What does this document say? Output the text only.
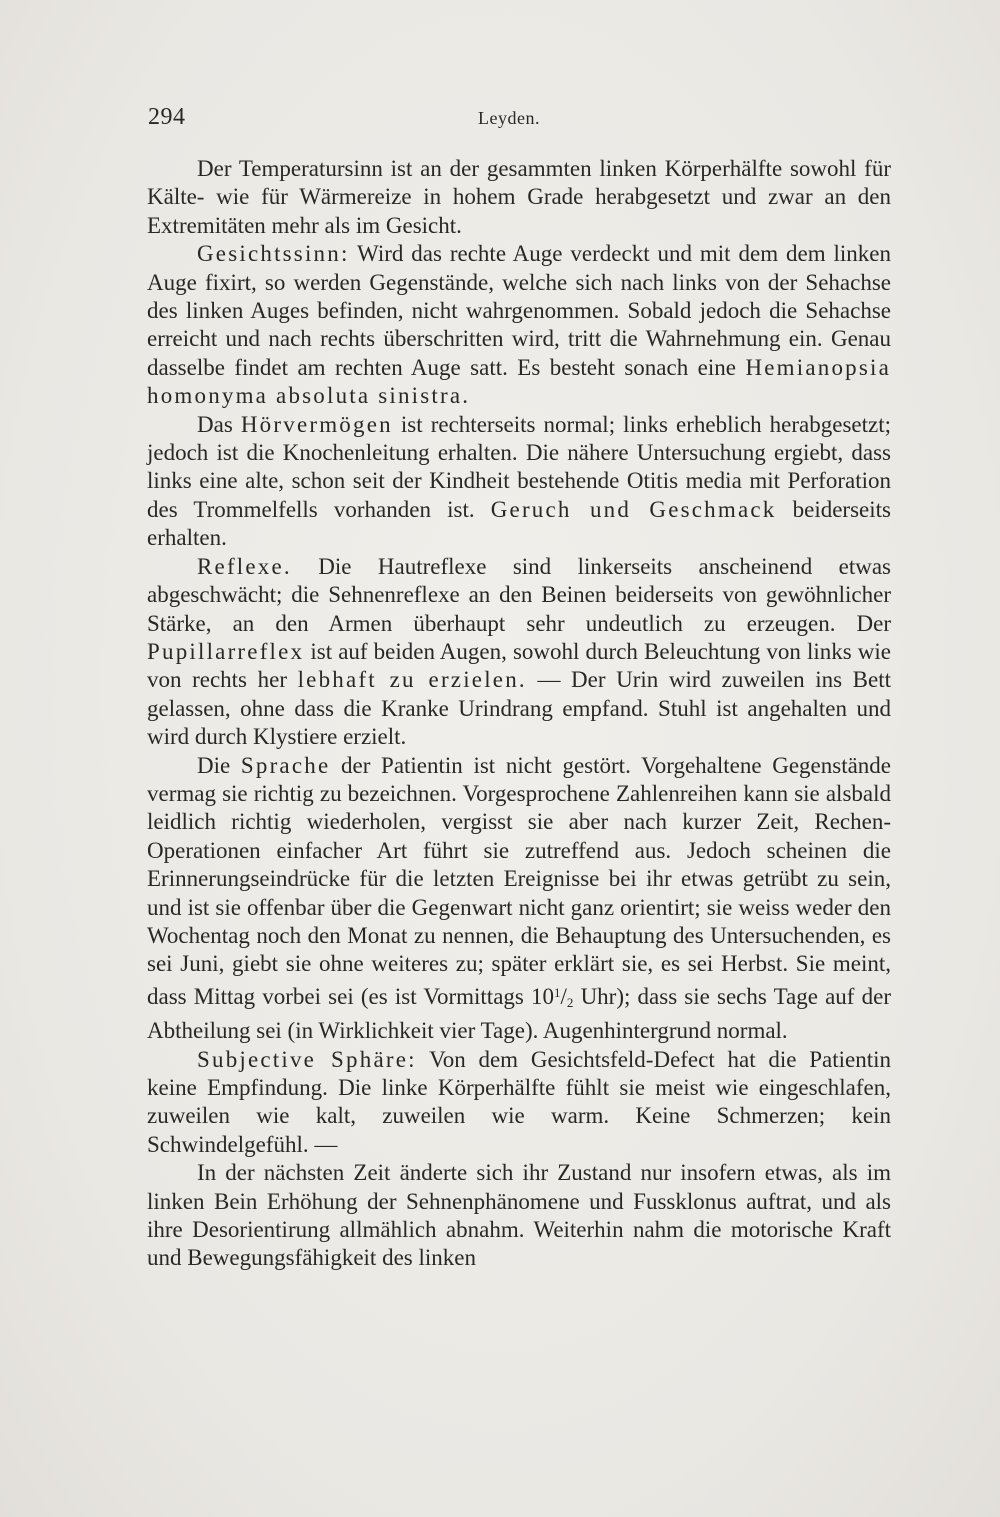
294	Leyden.

Der Temperatursinn ist an der gesammten linken Körperhälfte sowohl für Kälte- wie für Wärmereize in hohem Grade herabgesetzt und zwar an den Extremitäten mehr als im Gesicht.

Gesichtssinn: Wird das rechte Auge verdeckt und mit dem dem linken Auge fixirt, so werden Gegenstände, welche sich nach links von der Sehachse des linken Auges befinden, nicht wahrgenommen. Sobald jedoch die Sehachse erreicht und nach rechts überschritten wird, tritt die Wahrnehmung ein. Genau dasselbe findet am rechten Auge satt. Es besteht sonach eine Hemianopsia homonyma absoluta sinistra.

Das Hörvermögen ist rechterseits normal; links erheblich herabgesetzt; jedoch ist die Knochenleitung erhalten. Die nähere Untersuchung ergiebt, dass links eine alte, schon seit der Kindheit bestehende Otitis media mit Perforation des Trommelfells vorhanden ist. Geruch und Geschmack beiderseits erhalten.

Reflexe. Die Hautreflexe sind linkerseits anscheinend etwas abgeschwächt; die Sehnenreflexe an den Beinen beiderseits von gewöhnlicher Stärke, an den Armen überhaupt sehr undeutlich zu erzeugen. Der Pupillarreflex ist auf beiden Augen, sowohl durch Beleuchtung von links wie von rechts her lebhaft zu erzielen. — Der Urin wird zuweilen ins Bett gelassen, ohne dass die Kranke Urindrang empfand. Stuhl ist angehalten und wird durch Klystiere erzielt.

Die Sprache der Patientin ist nicht gestört. Vorgehaltene Gegenstände vermag sie richtig zu bezeichnen. Vorgesprochene Zahlenreihen kann sie alsbald leidlich richtig wiederholen, vergisst sie aber nach kurzer Zeit, Rechen-Operationen einfacher Art führt sie zutreffend aus. Jedoch scheinen die Erinnerungseindrücke für die letzten Ereignisse bei ihr etwas getrübt zu sein, und ist sie offenbar über die Gegenwart nicht ganz orientirt; sie weiss weder den Wochentag noch den Monat zu nennen, die Behauptung des Untersuchenden, es sei Juni, giebt sie ohne weiteres zu; später erklärt sie, es sei Herbst. Sie meint, dass Mittag vorbei sei (es ist Vormittags $10^1/_2$ Uhr); dass sie sechs Tage auf der Abtheilung sei (in Wirklichkeit vier Tage). Augenhintergrund normal.

Subjective Sphäre: Von dem Gesichtsfeld-Defect hat die Patientin keine Empfindung. Die linke Körperhälfte fühlt sie meist wie eingeschlafen, zuweilen wie kalt, zuweilen wie warm. Keine Schmerzen; kein Schwindelgefühl. —

In der nächsten Zeit änderte sich ihr Zustand nur insofern etwas, als im linken Bein Erhöhung der Sehnenphänomene und Fussklonus auftrat, und als ihre Desorientirung allmählich abnahm. Weiterhin nahm die motorische Kraft und Bewegungsfähigkeit des linken
